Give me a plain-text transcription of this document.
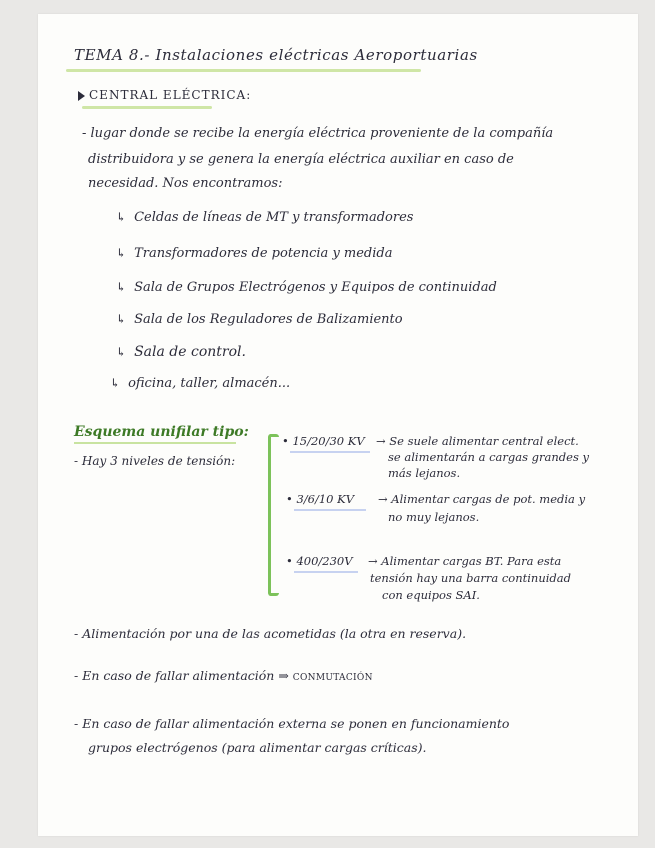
TEMA 8.- Instalaciones eléctricas Aeroportuarias
CENTRAL ELÉCTRICA:
- lugar donde se recibe la energía eléctrica proveniente de la compañía
distribuidora y se genera la energía eléctrica auxiliar en caso de
necesidad. Nos encontramos:
↳ Celdas de líneas de MT y transformadores
↳ Transformadores de potencia y medida
↳ Sala de Grupos Electrógenos y Equipos de continuidad
↳ Sala de los Reguladores de Balizamiento
↳ Sala de control.
↳ oficina, taller, almacén...
Esquema unifilar tipo:
- Hay 3 niveles de tensión:
• 15/20/30 KV → Se suele alimentar central elect.
se alimentarán a cargas grandes y
más lejanos.
• 3/6/10 KV → Alimentar cargas de pot. media y
no muy lejanos.
• 400/230V → Alimentar cargas BT. Para esta
tensión hay una barra continuidad
con equipos SAI.
- Alimentación por una de las acometidas (la otra en reserva).
- En caso de fallar alimentación ⇒ CONMUTACIÓN
- En caso de fallar alimentación externa se ponen en funcionamiento
grupos electrógenos (para alimentar cargas críticas).
